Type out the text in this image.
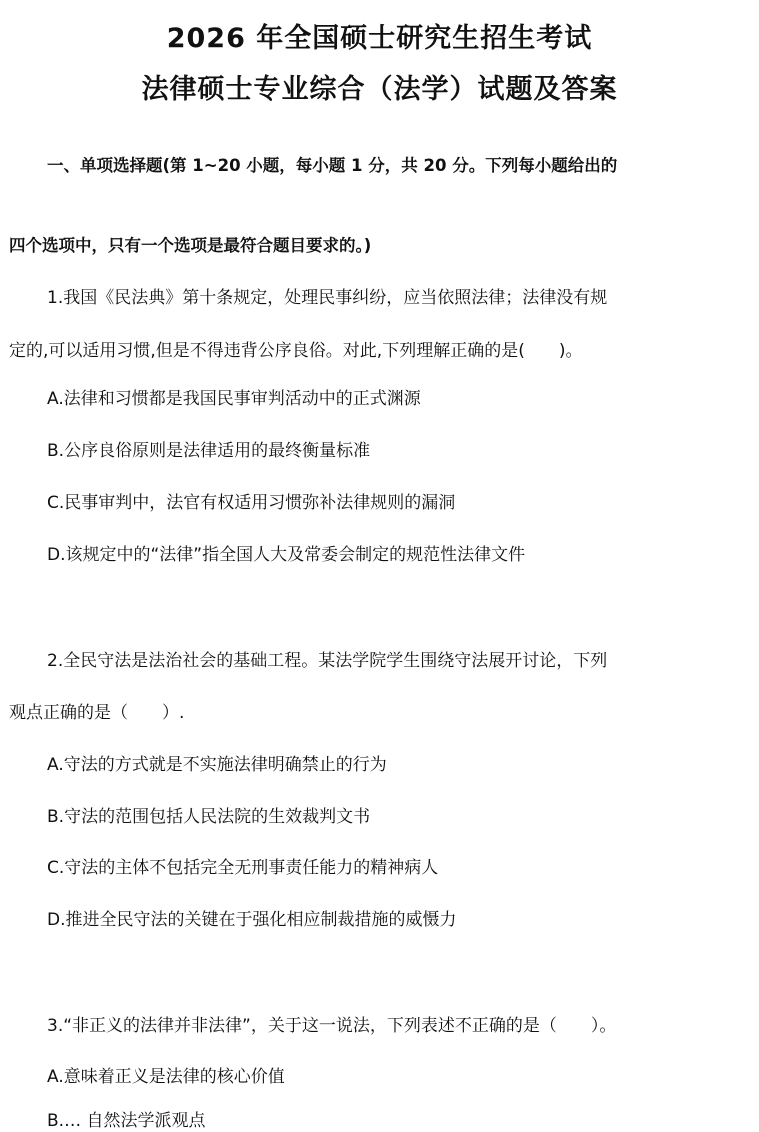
2026 年全国硕士研究生招生考试
法律硕士专业综合（法学）试题及答案
一、单项选择题(第 1~20 小题，每小题 1 分，共 20 分。下列每小题给出的
四个选项中，只有一个选项是最符合题目要求的。)
1.我国《民法典》第十条规定，处理民事纠纷，应当依照法律；法律没有规
定的,可以适用习惯,但是不得违背公序良俗。对此,下列理解正确的是(　　)。
A.法律和习惯都是我国民事审判活动中的正式渊源
B.公序良俗原则是法律适用的最终衡量标准
C.民事审判中，法官有权适用习惯弥补法律规则的漏洞
D.该规定中的“法律”指全国人大及常委会制定的规范性法律文件
2.全民守法是法治社会的基础工程。某法学院学生围绕守法展开讨论，下列
观点正确的是（　　）.
A.守法的方式就是不实施法律明确禁止的行为
B.守法的范围包括人民法院的生效裁判文书
C.守法的主体不包括完全无刑事责任能力的精神病人
D.推进全民守法的关键在于强化相应制裁措施的威慑力
3.“非正义的法律并非法律”，关于这一说法，下列表述不正确的是（　　）。
A.意味着正义是法律的核心价值
B.… 自然法学派观点
